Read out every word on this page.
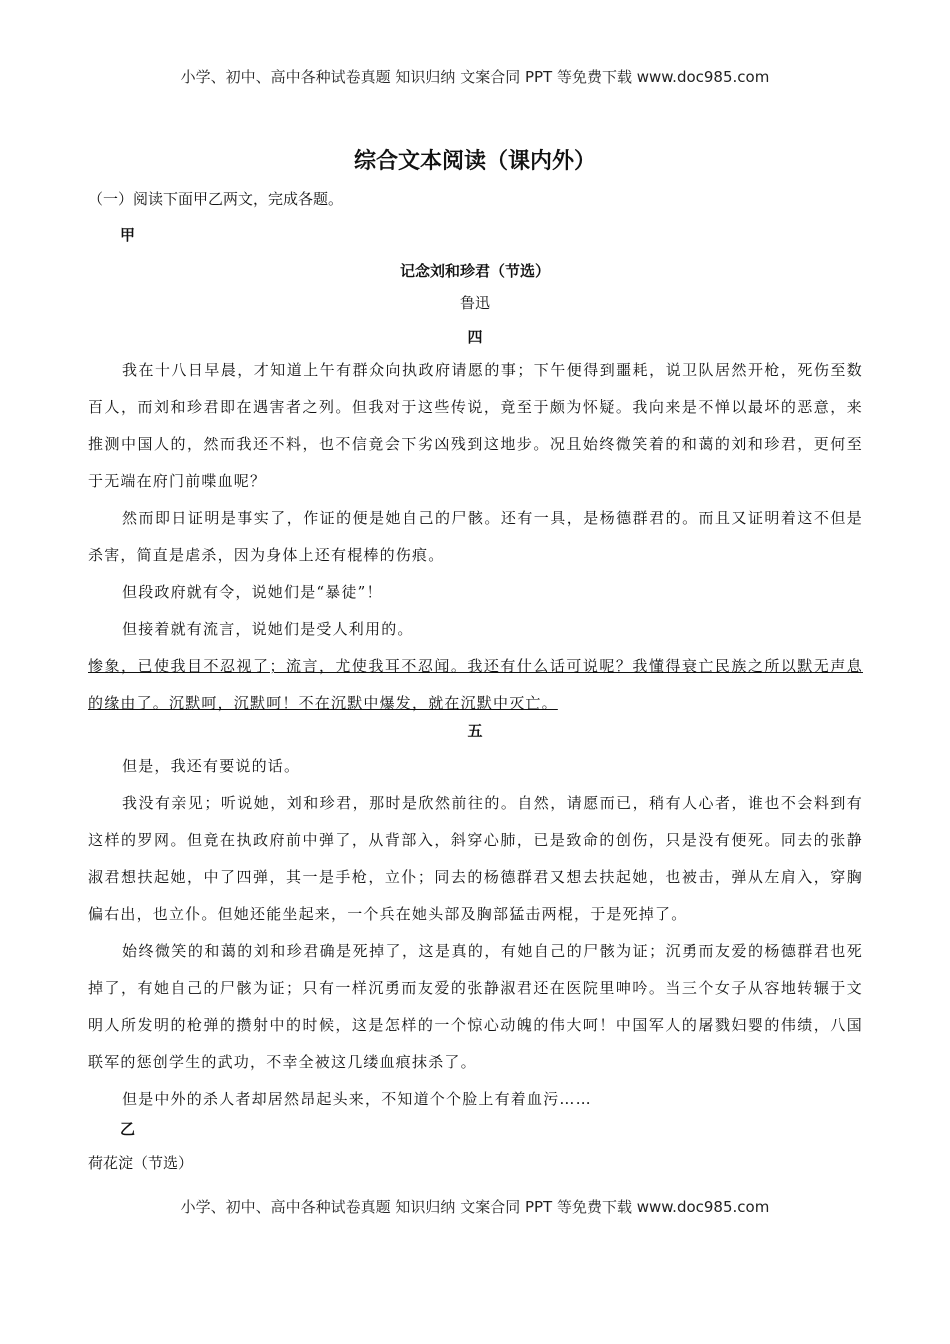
小学、初中、高中各种试卷真题 知识归纳 文案合同 PPT 等免费下载 www.doc985.com
综合文本阅读（课内外）
（一）阅读下面甲乙两文，完成各题。
甲
记念刘和珍君（节选）
鲁迅
四

我在十八日早晨，才知道上午有群众向执政府请愿的事；下午便得到噩耗，说卫队居然开枪，死伤至数百人，而刘和珍君即在遇害者之列。但我对于这些传说，竟至于颇为怀疑。我向来是不惮以最坏的恶意，来推测中国人的，然而我还不料，也不信竟会下劣凶残到这地步。况且始终微笑着的和蔼的刘和珍君，更何至于无端在府门前喋血呢？

然而即日证明是事实了，作证的便是她自己的尸骸。还有一具，是杨德群君的。而且又证明着这不但是杀害，简直是虐杀，因为身体上还有棍棒的伤痕。

但段政府就有令，说她们是“暴徒”！

但接着就有流言，说她们是受人利用的。

惨象，已使我目不忍视了；流言，尤使我耳不忍闻。我还有什么话可说呢？我懂得衰亡民族之所以默无声息的缘由了。沉默呵，沉默呵！不在沉默中爆发，就在沉默中灭亡。

五

但是，我还有要说的话。

我没有亲见；听说她，刘和珍君，那时是欣然前往的。自然，请愿而已，稍有人心者，谁也不会料到有这样的罗网。但竟在执政府前中弹了，从背部入，斜穿心肺，已是致命的创伤，只是没有便死。同去的张静淑君想扶起她，中了四弹，其一是手枪，立仆；同去的杨德群君又想去扶起她，也被击，弹从左肩入，穿胸偏右出，也立仆。但她还能坐起来，一个兵在她头部及胸部猛击两棍，于是死掉了。

始终微笑的和蔼的刘和珍君确是死掉了，这是真的，有她自己的尸骸为证；沉勇而友爱的杨德群君也死掉了，有她自己的尸骸为证；只有一样沉勇而友爱的张静淑君还在医院里呻吟。当三个女子从容地转辗于文明人所发明的枪弹的攒射中的时候，这是怎样的一个惊心动魄的伟大呵！中国军人的屠戮妇婴的伟绩，八国联军的惩创学生的武功，不幸全被这几缕血痕抹杀了。

但是中外的杀人者却居然昂起头来，不知道个个脸上有着血污……

乙
荷花淀（节选）
小学、初中、高中各种试卷真题 知识归纳 文案合同 PPT 等免费下载 www.doc985.com
